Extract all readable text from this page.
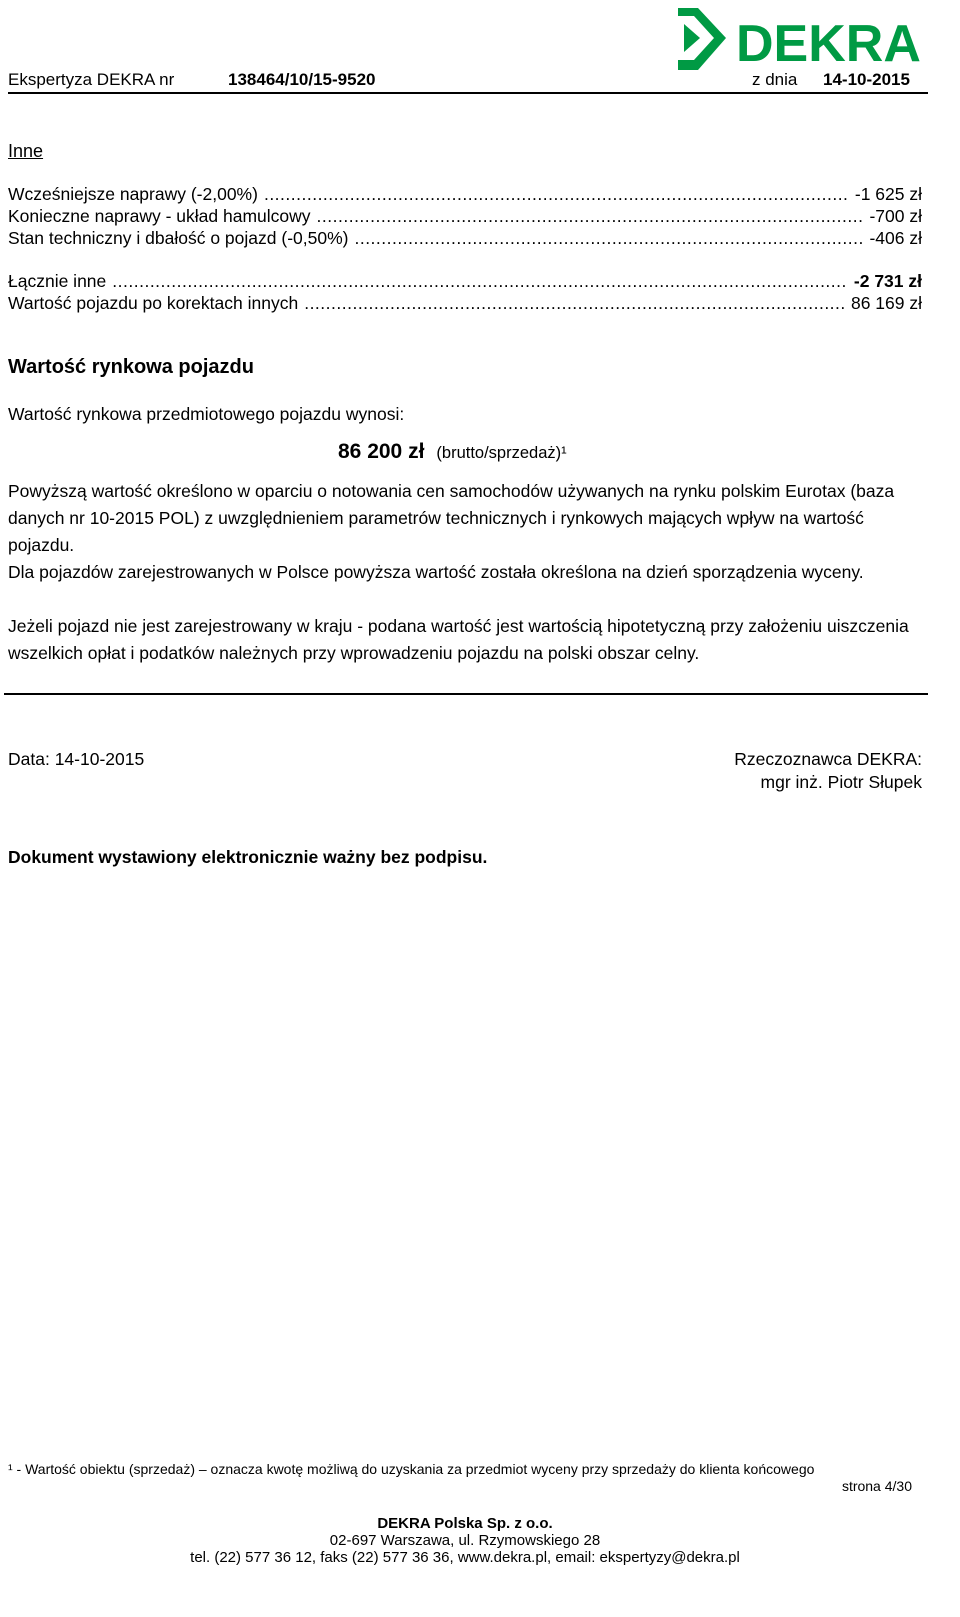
Ekspertyza DEKRA nr	138464/10/15-9520	z dnia 14-10-2015
DEKRA
Inne
Wcześniejsze naprawy (-2,00%) .....	-1 625 zł
Konieczne naprawy - układ hamulcowy .....	-700 zł
Stan techniczny i dbałość o pojazd (-0,50%) .....	-406 zł
Łącznie inne .....	-2 731 zł
Wartość pojazdu po korektach innych .....	86 169 zł
Wartość rynkowa pojazdu
Wartość rynkowa przedmiotowego pojazdu wynosi:
86 200 zł (brutto/sprzedaż)¹
Powyższą wartość określono w oparciu o notowania cen samochodów używanych na rynku polskim Eurotax (baza danych nr 10-2015 POL) z uwzględnieniem parametrów technicznych i rynkowych mających wpływ na wartość pojazdu.
Dla pojazdów zarejestrowanych w Polsce powyższa wartość została określona na dzień sporządzenia wyceny.
Jeżeli pojazd nie jest zarejestrowany w kraju - podana wartość jest wartością hipotetyczną przy założeniu uiszczenia wszelkich opłat i podatków należnych przy wprowadzeniu pojazdu na polski obszar celny.
Data: 14-10-2015	Rzeczoznawca DEKRA:
mgr inż. Piotr Słupek
Dokument wystawiony elektronicznie ważny bez podpisu.
¹ - Wartość obiektu (sprzedaż) – oznacza kwotę możliwą do uzyskania za przedmiot wyceny przy sprzedaży do klienta końcowego
strona 4/30
DEKRA Polska Sp. z o.o.
02-697 Warszawa, ul. Rzymowskiego 28
tel. (22) 577 36 12, faks (22) 577 36 36, www.dekra.pl, email: ekspertyzy@dekra.pl
